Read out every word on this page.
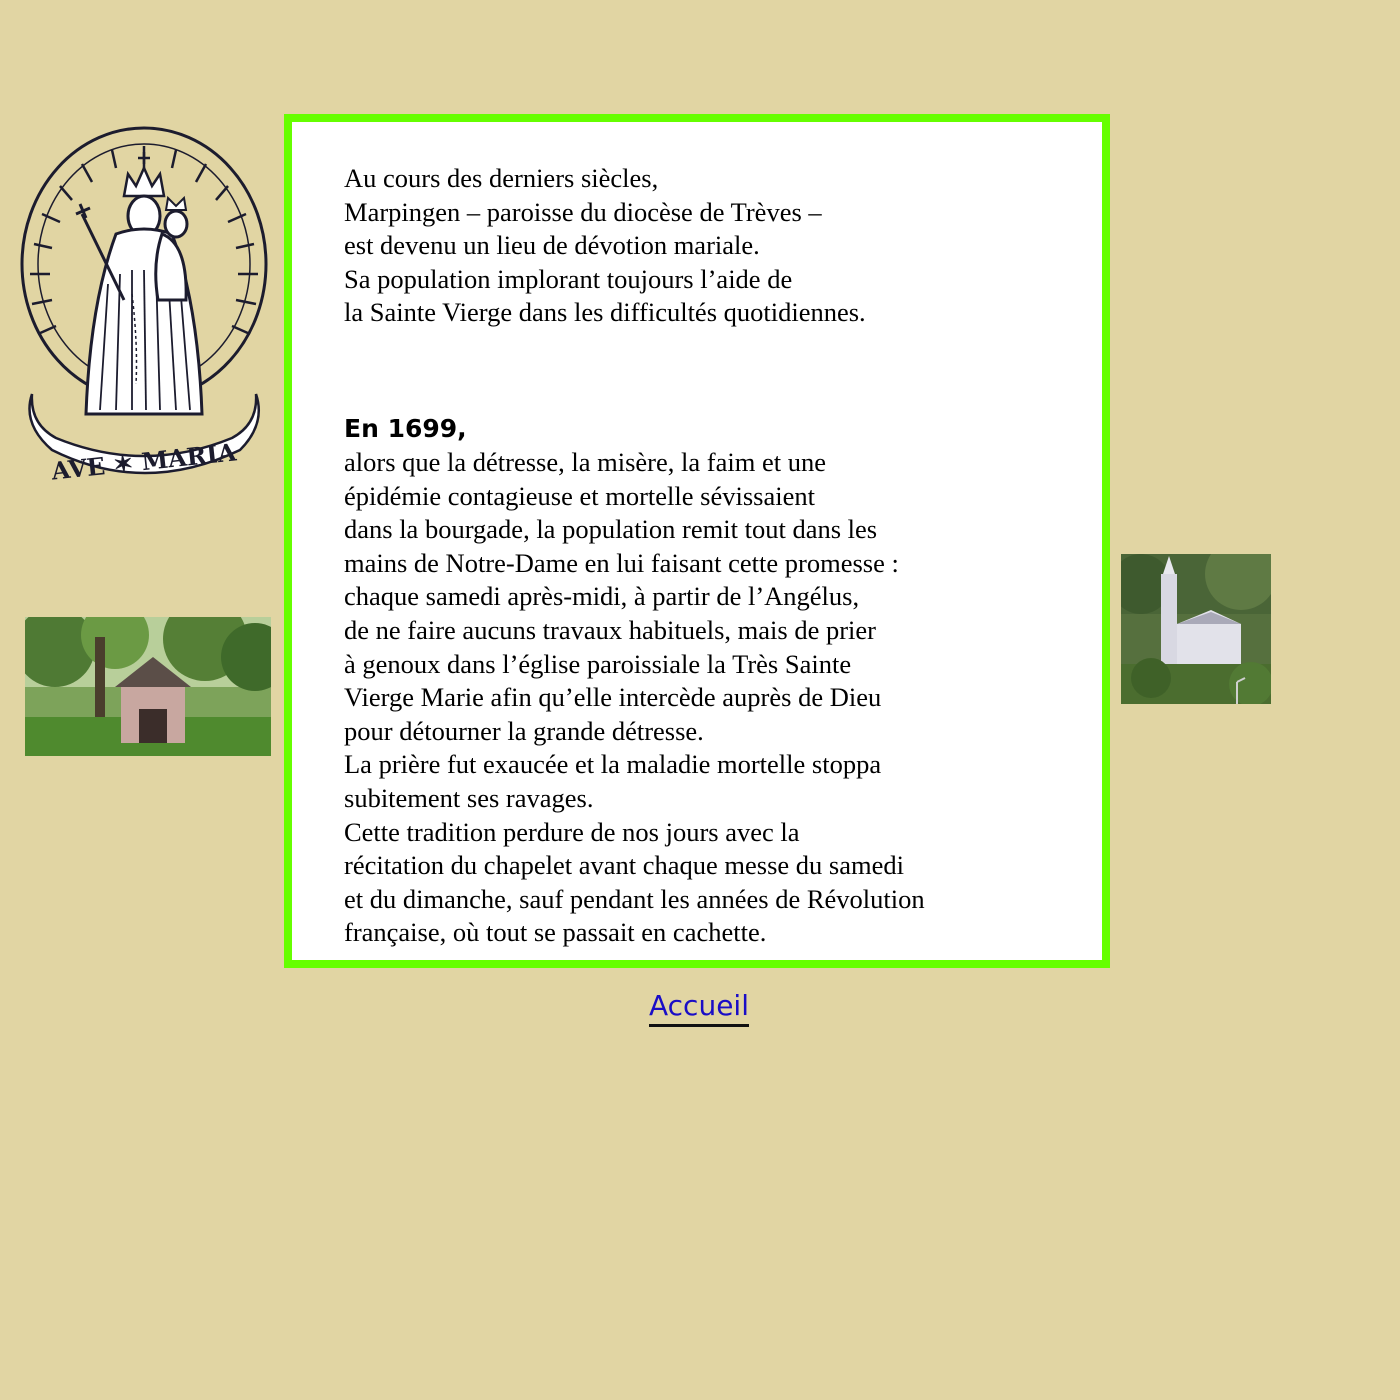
AVE ✶ MARIA
Au cours des derniers siècles,
Marpingen – paroisse du diocèse de Trèves –
est devenu un lieu de dévotion mariale.
Sa population implorant toujours l’aide de
la Sainte Vierge dans les difficultés quotidiennes.
En 1699,
alors que la détresse, la misère, la faim et une
épidémie contagieuse et mortelle sévissaient
dans la bourgade, la population remit tout dans les
mains de Notre-Dame en lui faisant cette promesse :
chaque samedi après-midi, à partir de l’Angélus,
de ne faire aucuns travaux habituels, mais de prier
à genoux dans l’église paroissiale la Très Sainte
Vierge Marie afin qu’elle intercède auprès de Dieu
pour détourner la grande détresse.
La prière fut exaucée et la maladie mortelle stoppa
subitement ses ravages.
Cette tradition perdure de nos jours avec la
récitation du chapelet avant chaque messe du samedi
et du dimanche, sauf pendant les années de Révolution
française, où tout se passait en cachette.
Accueil
